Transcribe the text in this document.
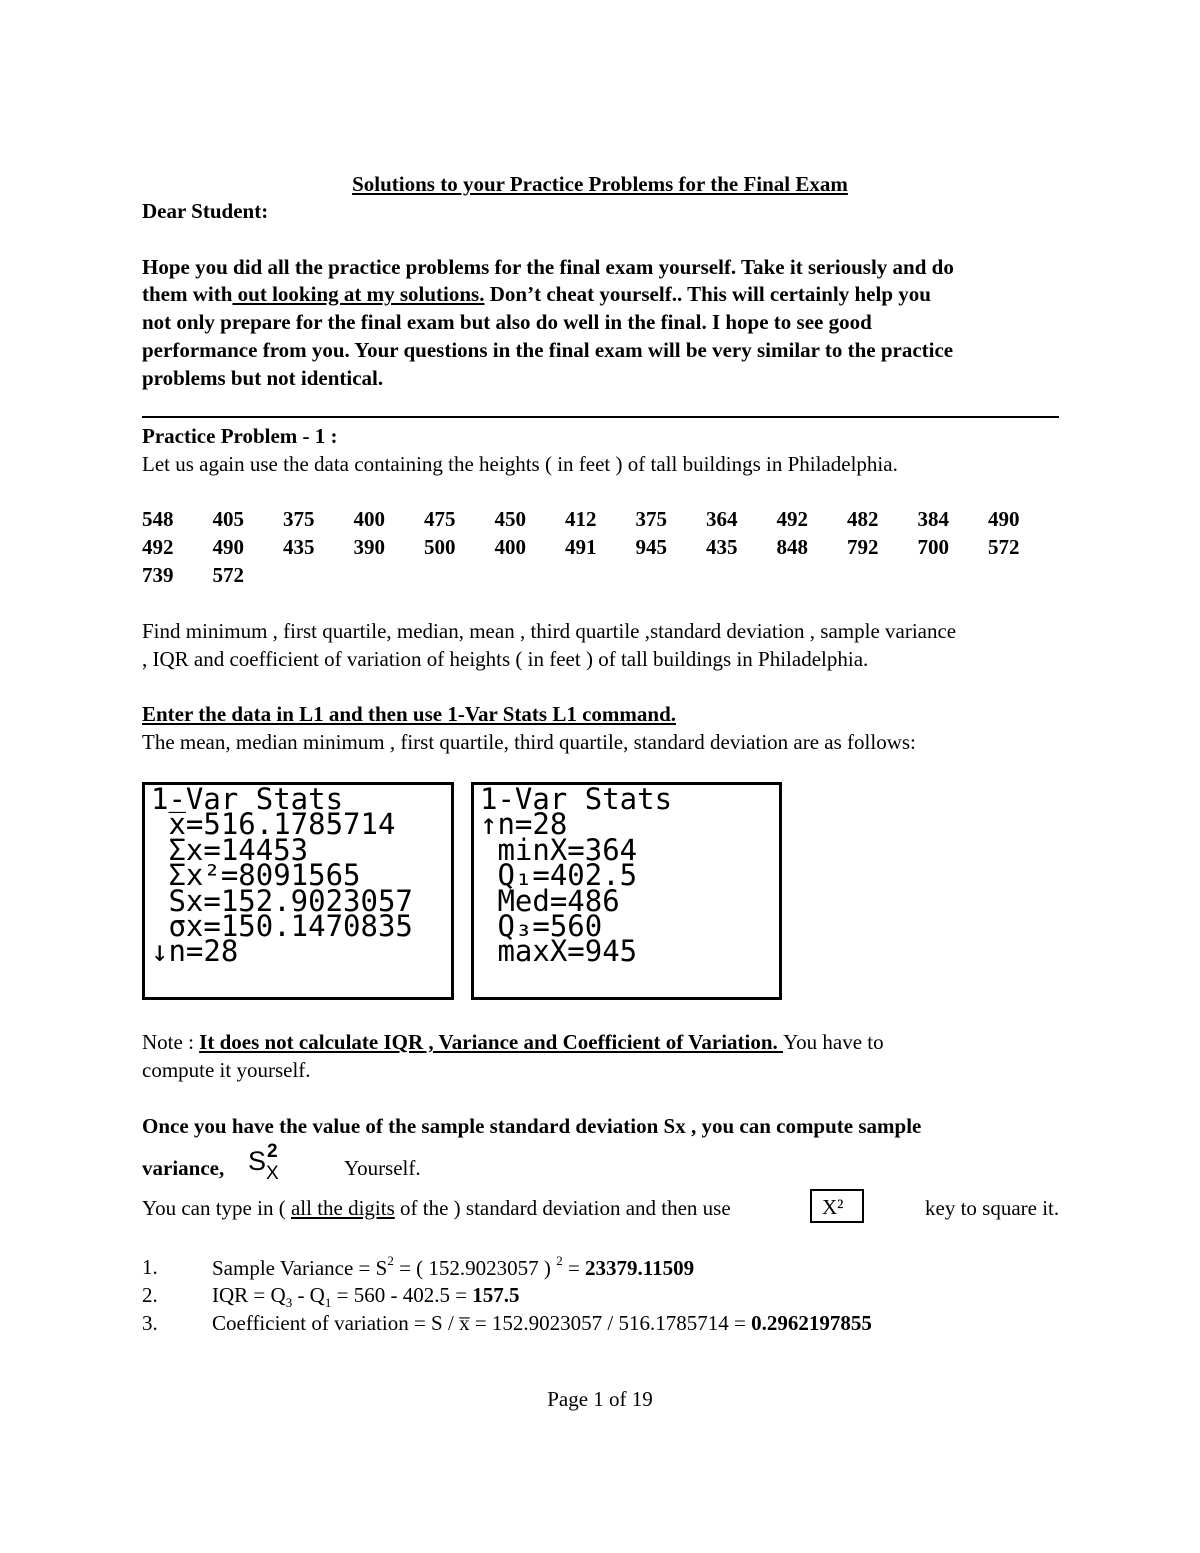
Solutions to your Practice Problems for the Final Exam
Dear Student:
Hope you did all the practice problems for the final exam yourself. Take it seriously and do
them with out looking at my solutions. Don’t cheat yourself.. This will certainly help you
not only prepare for the final exam but also do well in the final. I hope to see good
performance from you. Your questions in the final exam will be very similar to the practice
problems but not identical.
Practice Problem - 1 :
Let us again use the data containing the heights ( in feet ) of tall buildings in Philadelphia.
548 405 375 400 475 450 412 375 364 492 482 384 490
492 490 435 390 500 400 491 945 435 848 792 700 572
739 572
Find minimum , first quartile, median, mean , third quartile ,standard deviation , sample variance
, IQR and coefficient of variation of heights ( in feet ) of tall buildings in Philadelphia.
Enter the data in L1 and then use 1-Var Stats L1 command.
The mean, median minimum , first quartile, third quartile, standard deviation are as follows:
1-Var Stats
x̅=516.1785714
Σx=14453
Σx²=8091565
Sx=152.9023057
σx=150.1470835
↓n=28
1-Var Stats
↑n=28
minX=364
Q₁=402.5
Med=486
Q₃=560
maxX=945
Note : It does not calculate IQR , Variance and Coefficient of Variation. You have to
compute it yourself.
Once you have the value of the sample standard deviation Sx , you can compute sample
variance, S 2
X	Yourself.
You can type in ( all the digits of the ) standard deviation and then use	X²	key to square it.
1.	Sample Variance = $S^2$ = ( 152.9023057 ) $^2$ = 23379.11509
2.	IQR = $Q_3 - Q_1 = 560 - 402.5 = 157.5$
3.	Coefficient of variation = S / x̅ = 152.9023057 / 516.1785714 = 0.2962197855
Page 1 of 19
